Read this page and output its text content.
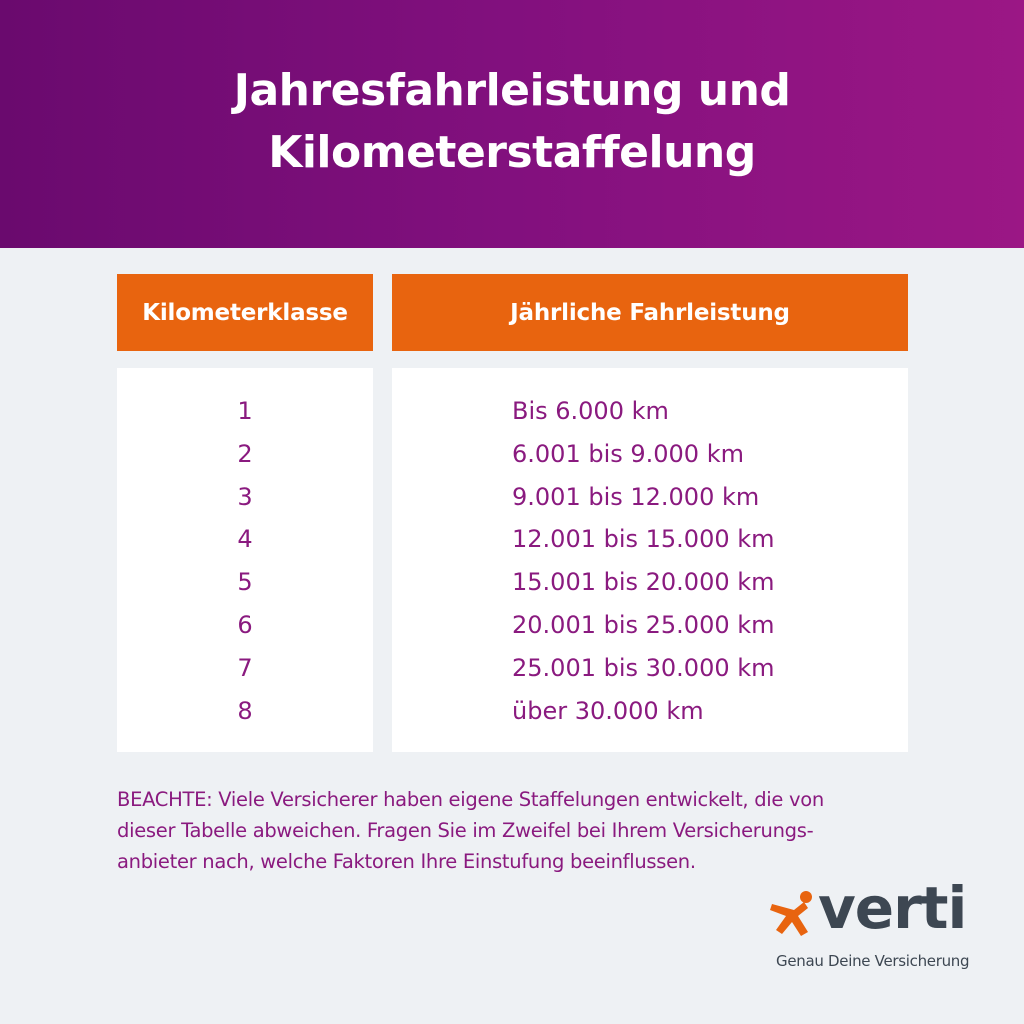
Jahresfahrleistung und
Kilometerstaffelung
Kilometerklasse	Jährliche Fahrleistung
1
2
3
4
5
6
7
8
Bis 6.000 km
6.001 bis 9.000 km
9.001 bis 12.000 km
12.001 bis 15.000 km
15.001 bis 20.000 km
20.001 bis 25.000 km
25.001 bis 30.000 km
über 30.000 km
BEACHTE: Viele Versicherer haben eigene Staffelungen entwickelt, die von
dieser Tabelle abweichen. Fragen Sie im Zweifel bei Ihrem Versicherungs-
anbieter nach, welche Faktoren Ihre Einstufung beeinflussen.
verti
Genau Deine Versicherung
